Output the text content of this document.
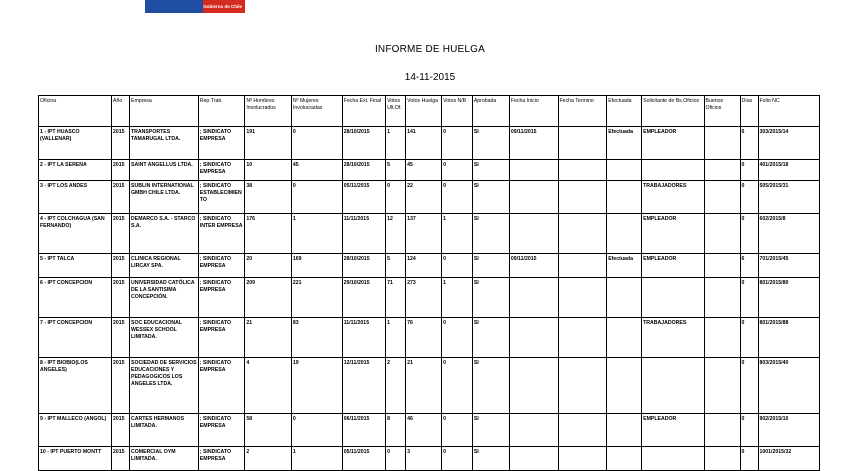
Gobierno de Chile
INFORME DE HUELGA
14-11-2015
Oficina	Año	Empresa	Rep.Trab.	Nº Hombres Involucrados	Nº Mujeres Involucradas	Fecha Ext. Final	Votos Ult.Of.	Votos Huelga	Votos N/B	Aprobada	Fecha Inicio	Fecha Termino	Efectuada	Solicitante de Bs.Oficios	Buenos Oficios	Días	Folio NC
1 - IPT HUASCO (VALLENAR)	2015	TRANSPORTES TAMARUGAL LTDA.	; SINDICATO EMPRESA	191	0	28/10/2015	1	141	0	SI	09/11/2015		Efectuada	EMPLEADOR		6	303/2015/14
2 - IPT LA SERENA	2015	SAINT ANGELLUS LTDA.	; SINDICATO EMPRESA	10	45	28/10/2015	5	45	0	SI						0	401/2015/18
3 - IPT LOS ANDES	2015	SUBLIN INTERNATIONAL GMBH CHILE LTDA.	; SINDICATO ESTABLECIMIENTO	38	0	05/11/2015	0	22	0	SI				TRABAJADORES		0	505/2015/31
4 - IPT COLCHAGUA (SAN FERNANDO)	2015	DEMARCO S.A. - STARCO S.A.	; SINDICATO INTER EMPRESA	176	1	11/11/2015	12	137	1	SI				EMPLEADOR		0	602/2015/8
5 - IPT TALCA	2015	CLINICA REGIONAL LIRCAY SPA.	; SINDICATO EMPRESA	20	169	28/10/2015	5	124	0	SI	09/11/2015		Efectuada	EMPLEADOR		6	701/2015/45
6 - IPT CONCEPCION	2015	UNIVERSIDAD CATÓLICA DE LA SANTISIMA CONCEPCIÓN.	; SINDICATO EMPRESA	209	221	29/10/2015	71	273	1	SI						0	801/2015/80
7 - IPT CONCEPCION	2015	SOC EDUCACIONAL WESSEX SCHOOL LIMITADA.	; SINDICATO EMPRESA	21	83	11/11/2015	1	76	0	SI				TRABAJADORES		0	801/2015/88
8 - IPT BIOBIO(LOS ANGELES)	2015	SOCIEDAD DE SERVICIOS EDUCACIONES Y PEDAGOGICOS LOS ANGELES LTDA.	; SINDICATO EMPRESA	4	19	12/11/2015	2	21	0	SI						0	803/2015/40
9 - IPT MALLECO (ANGOL)	2015	CARTES HERMANOS LIMITADA.	; SINDICATO EMPRESA	58	0	06/11/2015	8	46	0	SI				EMPLEADOR		0	902/2015/10
10 - IPT PUERTO MONTT	2015	COMERCIAL OYM LIMITADA.	; SINDICATO EMPRESA	2	1	05/11/2015	0	3	0	SI						0	1001/2015/32
